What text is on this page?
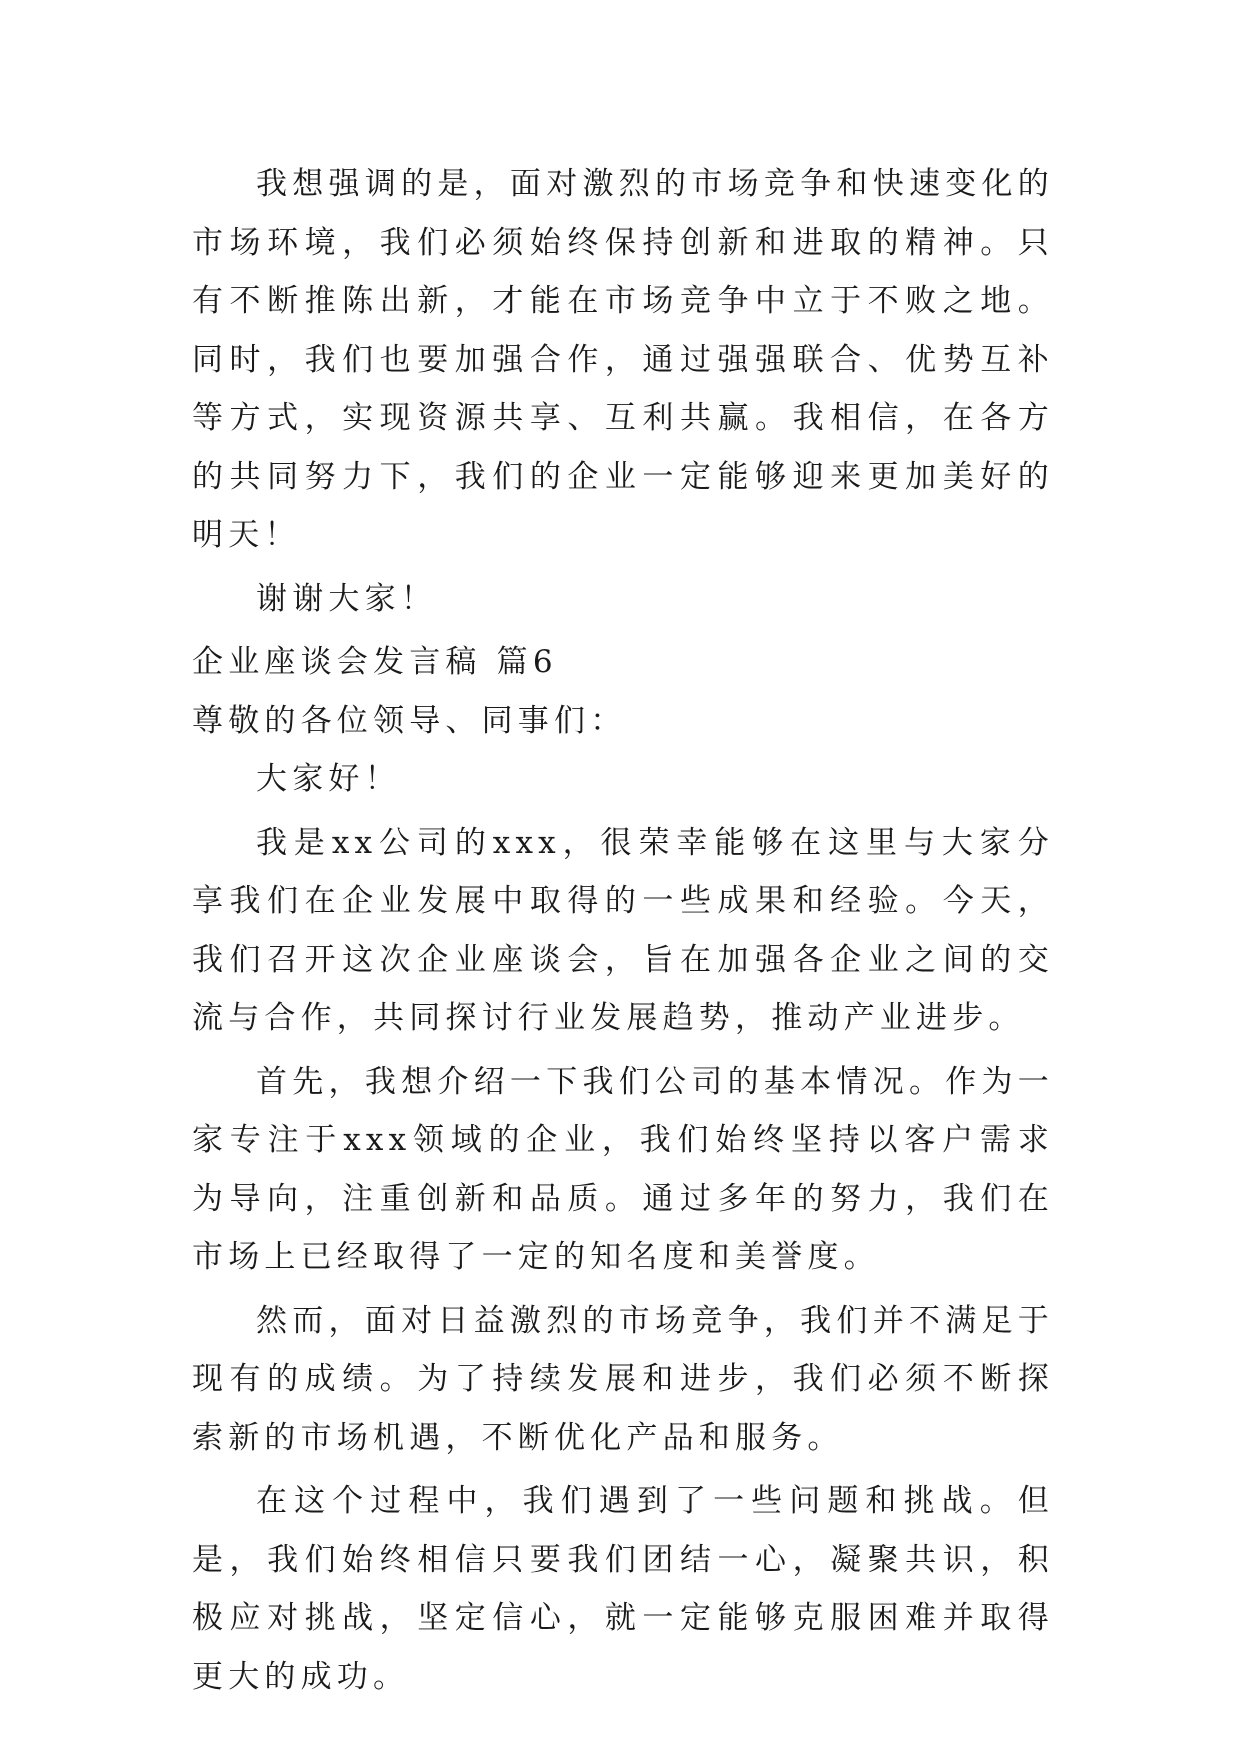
我想强调的是，面对激烈的市场竞争和快速变化的市场环境，我们必须始终保持创新和进取的精神。只有不断推陈出新，才能在市场竞争中立于不败之地。同时，我们也要加强合作，通过强强联合、优势互补等方式，实现资源共享、互利共赢。我相信，在各方的共同努力下，我们的企业一定能够迎来更加美好的明天！

谢谢大家！

企业座谈会发言稿 篇6

尊敬的各位领导、同事们：

大家好！

我是xx公司的xxx，很荣幸能够在这里与大家分享我们在企业发展中取得的一些成果和经验。今天，我们召开这次企业座谈会，旨在加强各企业之间的交流与合作，共同探讨行业发展趋势，推动产业进步。

首先，我想介绍一下我们公司的基本情况。作为一家专注于xxx领域的企业，我们始终坚持以客户需求为导向，注重创新和品质。通过多年的努力，我们在市场上已经取得了一定的知名度和美誉度。

然而，面对日益激烈的市场竞争，我们并不满足于现有的成绩。为了持续发展和进步，我们必须不断探索新的市场机遇，不断优化产品和服务。

在这个过程中，我们遇到了一些问题和挑战。但是，我们始终相信只要我们团结一心，凝聚共识，积极应对挑战，坚定信心，就一定能够克服困难并取得更大的成功。
